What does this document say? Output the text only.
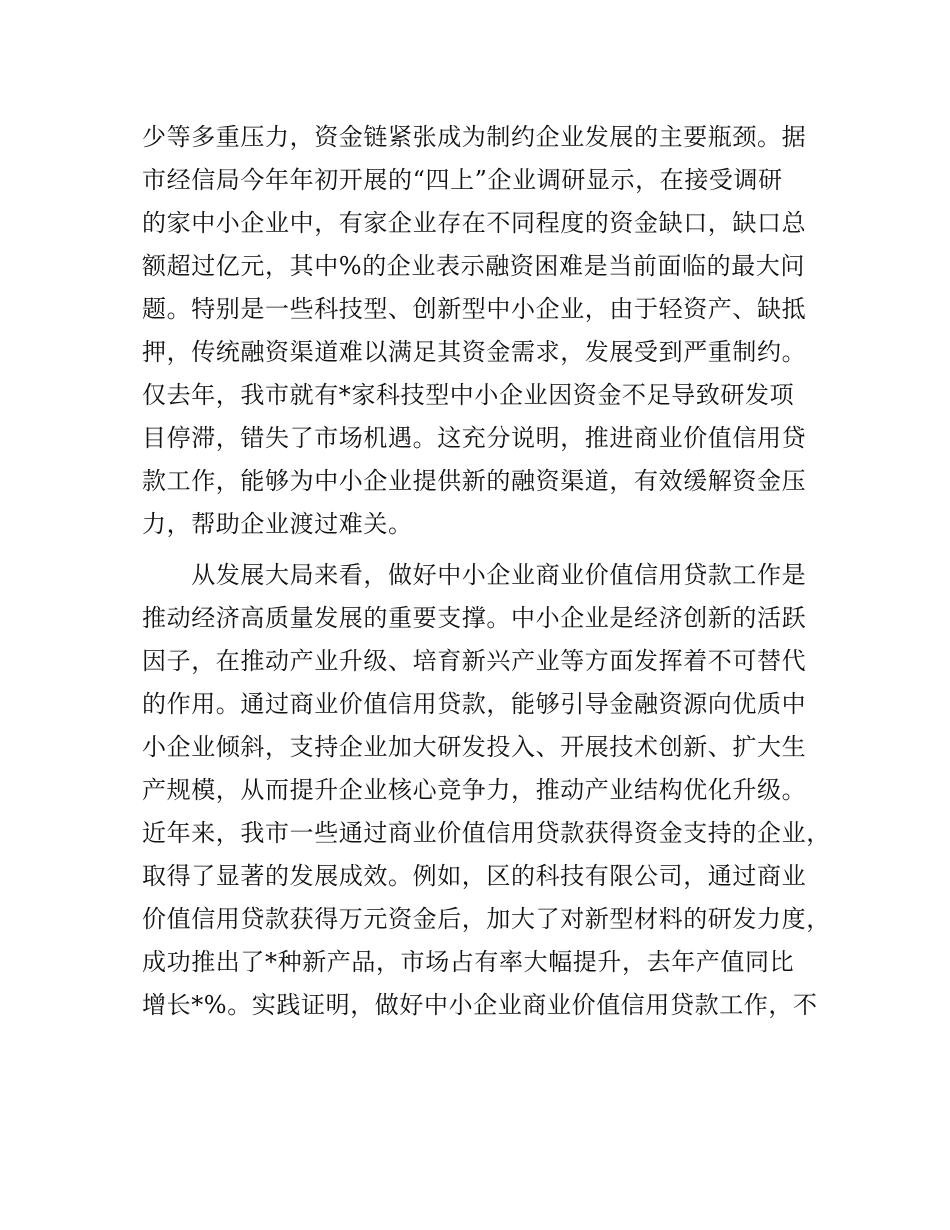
少等多重压力，资金链紧张成为制约企业发展的主要瓶颈。据
市经信局今年年初开展的“四上”企业调研显示，在接受调研
的家中小企业中，有家企业存在不同程度的资金缺口，缺口总
额超过亿元，其中%的企业表示融资困难是当前面临的最大问
题。特别是一些科技型、创新型中小企业，由于轻资产、缺抵
押，传统融资渠道难以满足其资金需求，发展受到严重制约。
仅去年，我市就有*家科技型中小企业因资金不足导致研发项
目停滞，错失了市场机遇。这充分说明，推进商业价值信用贷
款工作，能够为中小企业提供新的融资渠道，有效缓解资金压
力，帮助企业渡过难关。
　　从发展大局来看，做好中小企业商业价值信用贷款工作是
推动经济高质量发展的重要支撑。中小企业是经济创新的活跃
因子，在推动产业升级、培育新兴产业等方面发挥着不可替代
的作用。通过商业价值信用贷款，能够引导金融资源向优质中
小企业倾斜，支持企业加大研发投入、开展技术创新、扩大生
产规模，从而提升企业核心竞争力，推动产业结构优化升级。
近年来，我市一些通过商业价值信用贷款获得资金支持的企业，
取得了显著的发展成效。例如，区的科技有限公司，通过商业
价值信用贷款获得万元资金后，加大了对新型材料的研发力度，
成功推出了*种新产品，市场占有率大幅提升，去年产值同比
增长*%。实践证明，做好中小企业商业价值信用贷款工作，不
